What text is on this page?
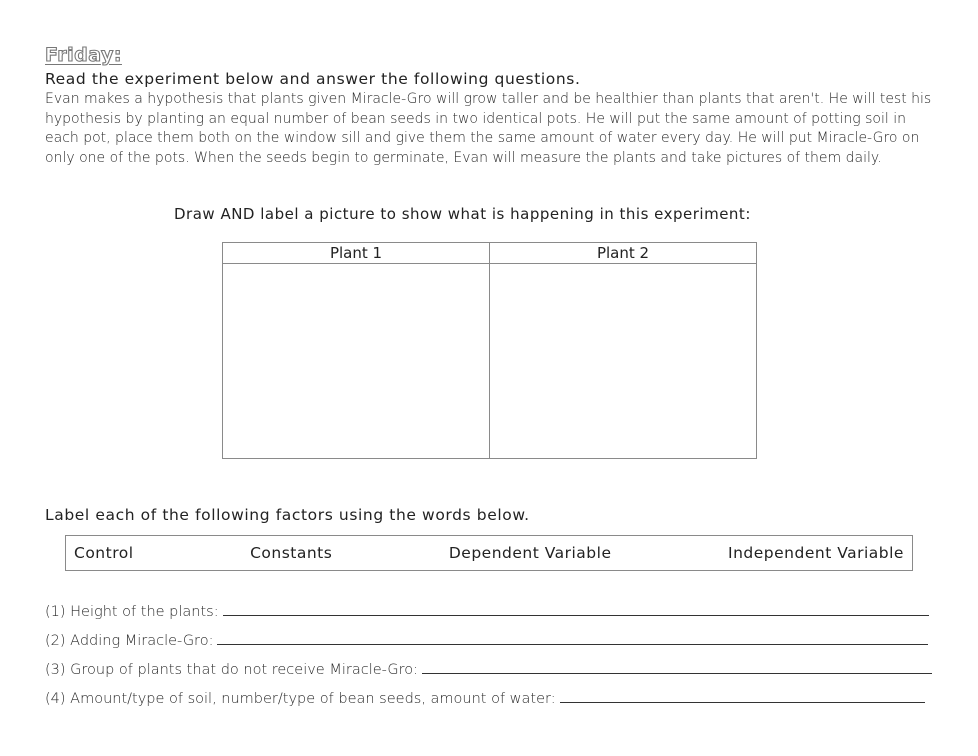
Friday:
Read the experiment below and answer the following questions.

Evan makes a hypothesis that plants given Miracle-Gro will grow taller and be healthier than plants that aren't. He will test his hypothesis by planting an equal number of bean seeds in two identical pots. He will put the same amount of potting soil in each pot, place them both on the window sill and give them the same amount of water every day. He will put Miracle-Gro on only one of the pots. When the seeds begin to germinate, Evan will measure the plants and take pictures of them daily.

Draw AND label a picture to show what is happening in this experiment:
Plant 1	Plant 2

Label each of the following factors using the words below.
Control	Constants	Dependent Variable	Independent Variable
(1) Height of the plants:
(2) Adding Miracle-Gro:
(3) Group of plants that do not receive Miracle-Gro:
(4) Amount/type of soil, number/type of bean seeds, amount of water:
